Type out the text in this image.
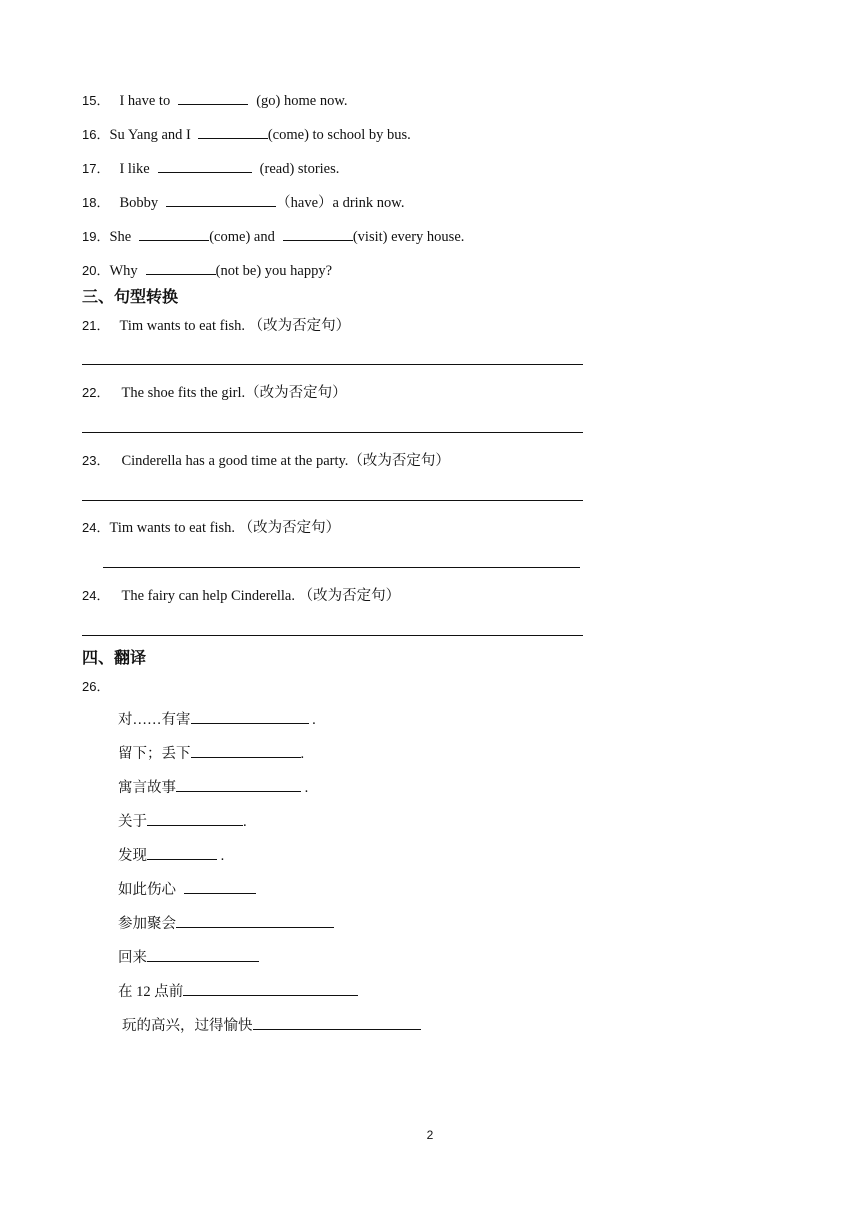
15． I have to	(go) home now.
16．Su Yang and I	(come) to school by bus.
17． I like	(read) stories.
18． Bobby	（have）a drink now.
19．She	(come) and	(visit) every house.
20．Why	(not be) you happy?
三、句型转换
21． Tim wants to eat fish. （改为否定句）
22． The shoe fits the girl.（改为否定句）
23． Cinderella has a good time at the party.（改为否定句）
24．Tim wants to eat fish. （改为否定句）
24． The fairy can help Cinderella. （改为否定句）
四、翻译
26．
对……有害	.
留下；丢下	.
寓言故事	.
关于	.
发现	.
如此伤心
参加聚会
回来
在 12 点前
玩的高兴，过得愉快
2
